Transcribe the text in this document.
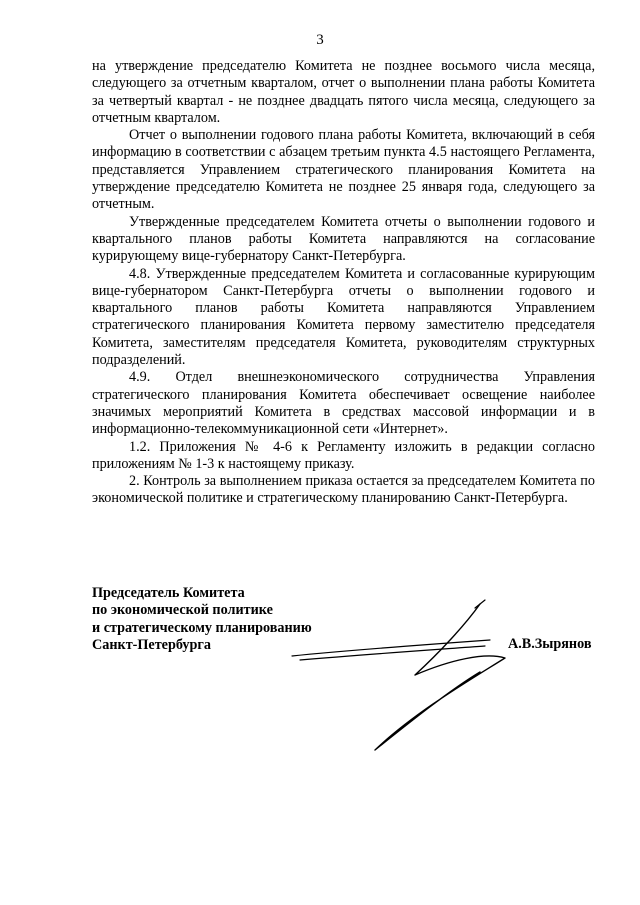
3

на утверждение председателю Комитета не позднее восьмого числа месяца, следующего за отчетным кварталом, отчет о выполнении плана работы Комитета за четвертый квартал - не позднее двадцать пятого числа месяца, следующего за отчетным кварталом.

Отчет о выполнении годового плана работы Комитета, включающий в себя информацию в соответствии с абзацем третьим пункта 4.5 настоящего Регламента, представляется Управлением стратегического планирования Комитета на утверждение председателю Комитета не позднее 25 января года, следующего за отчетным.

Утвержденные председателем Комитета отчеты о выполнении годового и квартального планов работы Комитета направляются на согласование курирующему вице-губернатору Санкт-Петербурга.

4.8. Утвержденные председателем Комитета и согласованные курирующим вице-губернатором Санкт-Петербурга отчеты о выполнении годового и квартального планов работы Комитета направляются Управлением стратегического планирования Комитета первому заместителю председателя Комитета, заместителям председателя Комитета, руководителям структурных подразделений.

4.9. Отдел внешнеэкономического сотрудничества Управления стратегического планирования Комитета обеспечивает освещение наиболее значимых мероприятий Комитета в средствах массовой информации и в информационно-телекоммуникационной сети «Интернет».

1.2. Приложения № 4-6 к Регламенту изложить в редакции согласно приложениям № 1-3 к настоящему приказу.

2. Контроль за выполнением приказа остается за председателем Комитета по экономической политике и стратегическому планированию Санкт-Петербурга.

Председатель Комитета
по экономической политике
и стратегическому планированию
Санкт-Петербурга	А.В.Зырянов
